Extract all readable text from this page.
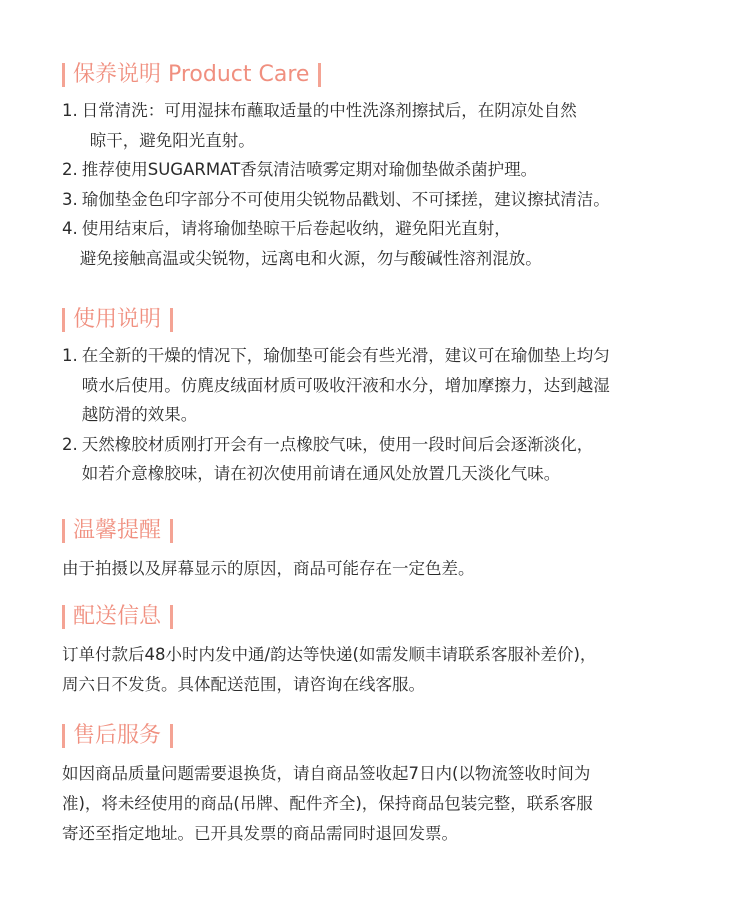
保养说明 Product Care
1. 日常清洗：可用湿抹布蘸取适量的中性洗涤剂擦拭后，在阴凉处自然
晾干，避免阳光直射。
2. 推荐使用SUGARMAT香氛清洁喷雾定期对瑜伽垫做杀菌护理。
3. 瑜伽垫金色印字部分不可使用尖锐物品戳划、不可揉搓，建议擦拭清洁。
4. 使用结束后，请将瑜伽垫晾干后卷起收纳，避免阳光直射，
避免接触高温或尖锐物，远离电和火源，勿与酸碱性溶剂混放。
使用说明
1. 在全新的干燥的情况下，瑜伽垫可能会有些光滑，建议可在瑜伽垫上均匀
喷水后使用。仿麂皮绒面材质可吸收汗液和水分，增加摩擦力，达到越湿
越防滑的效果。
2. 天然橡胶材质刚打开会有一点橡胶气味，使用一段时间后会逐渐淡化，
如若介意橡胶味，请在初次使用前请在通风处放置几天淡化气味。
温馨提醒
由于拍摄以及屏幕显示的原因，商品可能存在一定色差。
配送信息
订单付款后48小时内发中通/韵达等快递(如需发顺丰请联系客服补差价)，
周六日不发货。具体配送范围，请咨询在线客服。
售后服务
如因商品质量问题需要退换货，请自商品签收起7日内(以物流签收时间为
准)，将未经使用的商品(吊牌、配件齐全)，保持商品包装完整，联系客服
寄还至指定地址。已开具发票的商品需同时退回发票。
